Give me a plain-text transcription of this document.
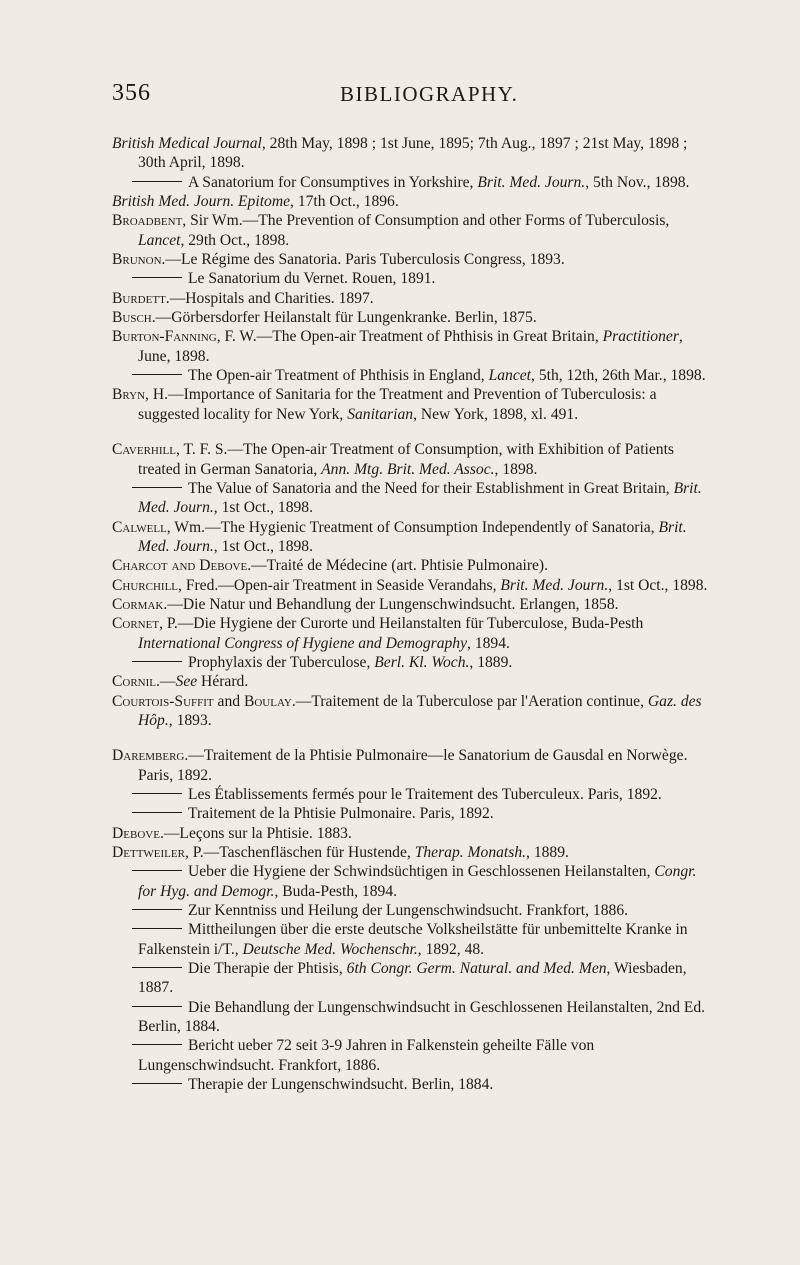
356	BIBLIOGRAPHY.

British Medical Journal, 28th May, 1898 ; 1st June, 1895; 7th Aug., 1897 ; 21st May, 1898 ; 30th April, 1898.

A Sanatorium for Consumptives in Yorkshire, Brit. Med. Journ., 5th Nov., 1898.

British Med. Journ. Epitome, 17th Oct., 1896.

Broadbent, Sir Wm.—The Prevention of Consumption and other Forms of Tuberculosis, Lancet, 29th Oct., 1898.

Brunon.—Le Régime des Sanatoria. Paris Tuberculosis Congress, 1893.

Le Sanatorium du Vernet. Rouen, 1891.

Burdett.—Hospitals and Charities. 1897.

Busch.—Görbersdorfer Heilanstalt für Lungenkranke. Berlin, 1875.

Burton-Fanning, F. W.—The Open-air Treatment of Phthisis in Great Britain, Practitioner, June, 1898.

The Open-air Treatment of Phthisis in England, Lancet, 5th, 12th, 26th Mar., 1898.

Bryn, H.—Importance of Sanitaria for the Treatment and Prevention of Tuberculosis: a suggested locality for New York, Sanitarian, New York, 1898, xl. 491.

Caverhill, T. F. S.—The Open-air Treatment of Consumption, with Exhibition of Patients treated in German Sanatoria, Ann. Mtg. Brit. Med. Assoc., 1898.

The Value of Sanatoria and the Need for their Establishment in Great Britain, Brit. Med. Journ., 1st Oct., 1898.

Calwell, Wm.—The Hygienic Treatment of Consumption Independently of Sanatoria, Brit. Med. Journ., 1st Oct., 1898.

Charcot and Debove.—Traité de Médecine (art. Phtisie Pulmonaire).

Churchill, Fred.—Open-air Treatment in Seaside Verandahs, Brit. Med. Journ., 1st Oct., 1898.

Cormak.—Die Natur und Behandlung der Lungenschwindsucht. Erlangen, 1858.

Cornet, P.—Die Hygiene der Curorte und Heilanstalten für Tuberculose, Buda-Pesth International Congress of Hygiene and Demography, 1894.

Prophylaxis der Tuberculose, Berl. Kl. Woch., 1889.

Cornil.—See Hérard.

Courtois-Suffit and Boulay.—Traitement de la Tuberculose par l'Aeration continue, Gaz. des Hôp., 1893.

Daremberg.—Traitement de la Phtisie Pulmonaire—le Sanatorium de Gausdal en Norwège. Paris, 1892.

Les Établissements fermés pour le Traitement des Tuberculeux. Paris, 1892.

Traitement de la Phtisie Pulmonaire. Paris, 1892.

Debove.—Leçons sur la Phtisie. 1883.

Dettweiler, P.—Taschenfläschen für Hustende, Therap. Monatsh., 1889.

Ueber die Hygiene der Schwindsüchtigen in Geschlossenen Heilanstalten, Congr. for Hyg. and Demogr., Buda-Pesth, 1894.

Zur Kenntniss und Heilung der Lungenschwindsucht. Frankfort, 1886.

Mittheilungen über die erste deutsche Volksheilstätte für unbemittelte Kranke in Falkenstein i/T., Deutsche Med. Wochenschr., 1892, 48.

Die Therapie der Phtisis, 6th Congr. Germ. Natural. and Med. Men, Wiesbaden, 1887.

Die Behandlung der Lungenschwindsucht in Geschlossenen Heilanstalten, 2nd Ed. Berlin, 1884.

Bericht ueber 72 seit 3-9 Jahren in Falkenstein geheilte Fälle von Lungenschwindsucht. Frankfort, 1886.

Therapie der Lungenschwindsucht. Berlin, 1884.
